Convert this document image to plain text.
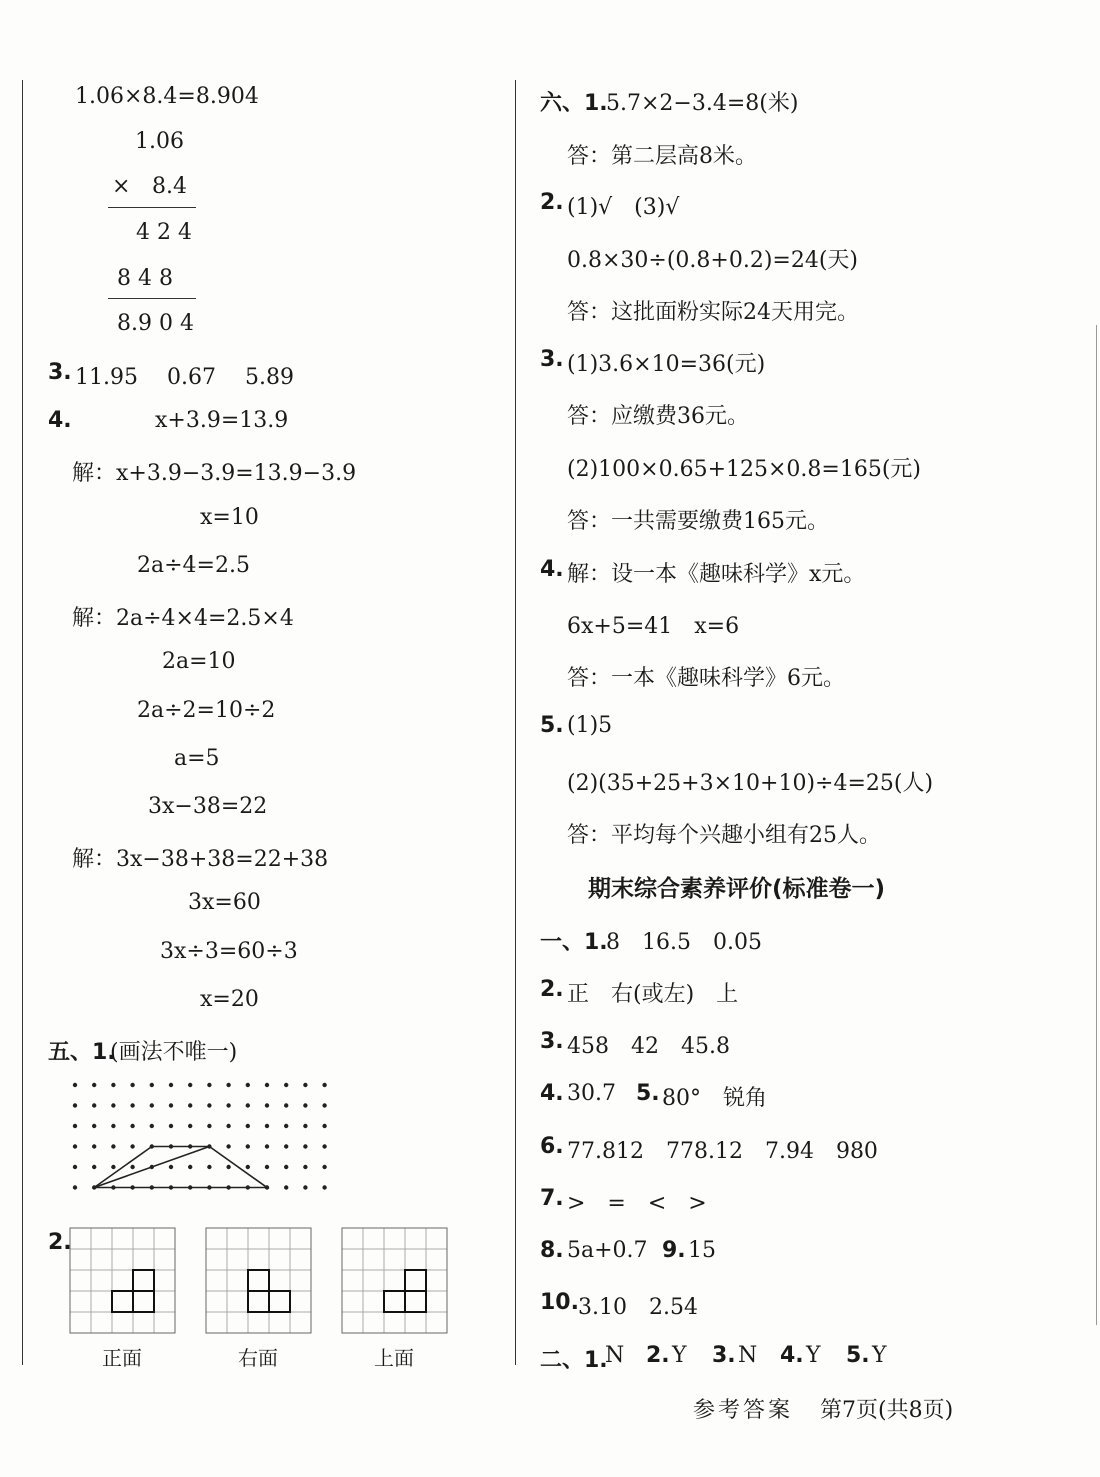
1.06×8.4=8.904
1.06
× 8.4
4 2 4
8 4 8
8.9 0 4
3. 11.95　 0.67　 5.89
4.	x+3.9=13.9
解：x+3.9−3.9=13.9−3.9
x=10
2a÷4=2.5
解：2a÷4×4=2.5×4
2a=10
2a÷2=10÷2
a=5
3x−38=22
解：3x−38+38=22+38
3x=60
3x÷3=60÷3
x=20
五、1.
(画法不唯一)
2.
正面	右面	上面
六、1.
5.7×2−3.4=8(米)
答：第二层高8米。
2. (1)√　(3)√
0.8×30÷(0.8+0.2)=24(天)
答：这批面粉实际24天用完。
3. (1)3.6×10=36(元)
答：应缴费36元。
(2)100×0.65+125×0.8=165(元)
答：一共需要缴费165元。
4. 解：设一本《趣味科学》x元。
6x+5=41　x=6
答：一本《趣味科学》6元。
5. (1)5
(2)(35+25+3×10+10)÷4=25(人)
答：平均每个兴趣小组有25人。
期末综合素养评价(标准卷一)
一、1.
8　16.5　0.05
2. 正　右(或左)　上
3. 458　42　45.8
4. 30.7 5. 80°　锐角
6. 77.812　778.12　7.94　980
7. >　=　<　>
8. 5a+0.7 9. 15
10. 3.10　2.54
二、1.
N 2. Y 3. N 4. Y 5. Y
参考答案 第7页(共8页)
